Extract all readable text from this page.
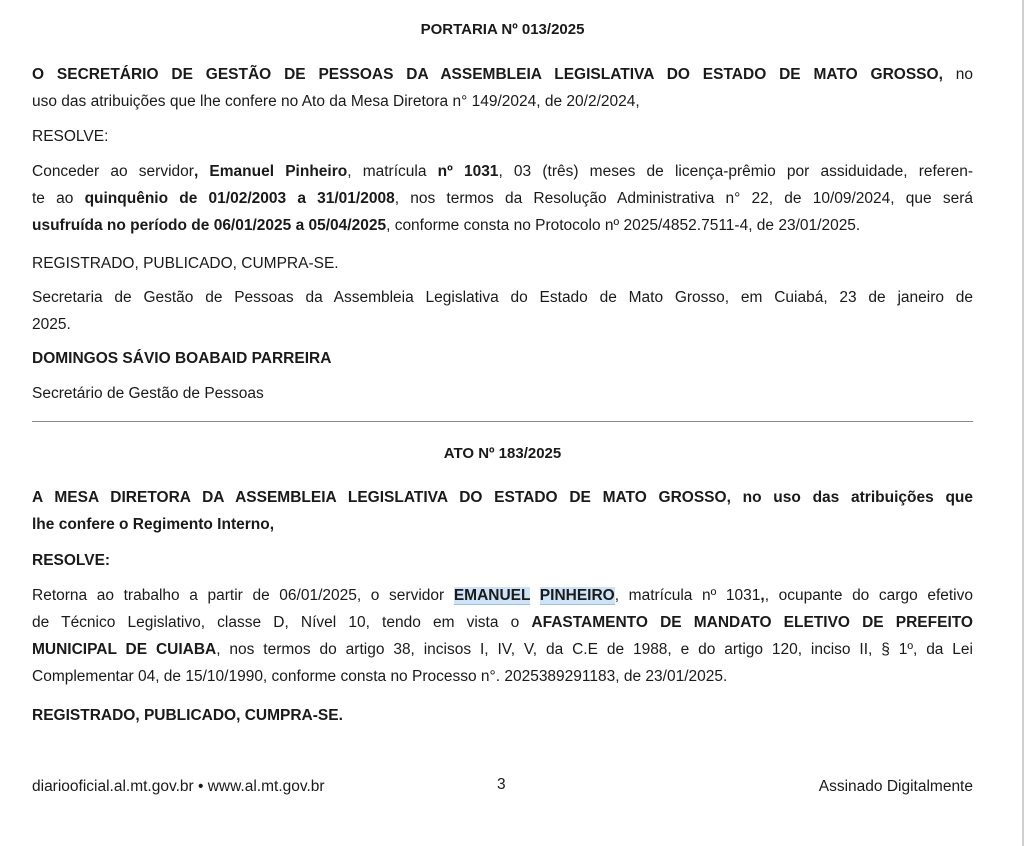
PORTARIA Nº 013/2025
O SECRETÁRIO DE GESTÃO DE PESSOAS DA ASSEMBLEIA LEGISLATIVA DO ESTADO DE MATO GROSSO, no
uso das atribuições que lhe confere no Ato da Mesa Diretora n° 149/2024, de 20/2/2024,
RESOLVE:
Conceder ao servidor, Emanuel Pinheiro, matrícula nº 1031, 03 (três) meses de licença-prêmio por assiduidade, referen-
te ao quinquênio de 01/02/2003 a 31/01/2008, nos termos da Resolução Administrativa n° 22, de 10/09/2024, que será
usufruída no período de 06/01/2025 a 05/04/2025, conforme consta no Protocolo nº 2025/4852.7511-4, de 23/01/2025.
REGISTRADO, PUBLICADO, CUMPRA-SE.
Secretaria de Gestão de Pessoas da Assembleia Legislativa do Estado de Mato Grosso, em Cuiabá, 23 de janeiro de
2025.
DOMINGOS SÁVIO BOABAID PARREIRA
Secretário de Gestão de Pessoas
ATO Nº 183/2025
A MESA DIRETORA DA ASSEMBLEIA LEGISLATIVA DO ESTADO DE MATO GROSSO, no uso das atribuições que
lhe confere o Regimento Interno,
RESOLVE:
Retorna ao trabalho a partir de 06/01/2025, o servidor EMANUEL PINHEIRO, matrícula nº 1031,, ocupante do cargo efetivo
de Técnico Legislativo, classe D, Nível 10, tendo em vista o AFASTAMENTO DE MANDATO ELETIVO DE PREFEITO
MUNICIPAL DE CUIABA, nos termos do artigo 38, incisos I, IV, V, da C.E de 1988, e do artigo 120, inciso II, § 1º, da Lei
Complementar 04, de 15/10/1990, conforme consta no Processo n°. 2025389291183, de 23/01/2025.
REGISTRADO, PUBLICADO, CUMPRA-SE.
diariooficial.al.mt.gov.br • www.al.mt.gov.br	3	Assinado Digitalmente
